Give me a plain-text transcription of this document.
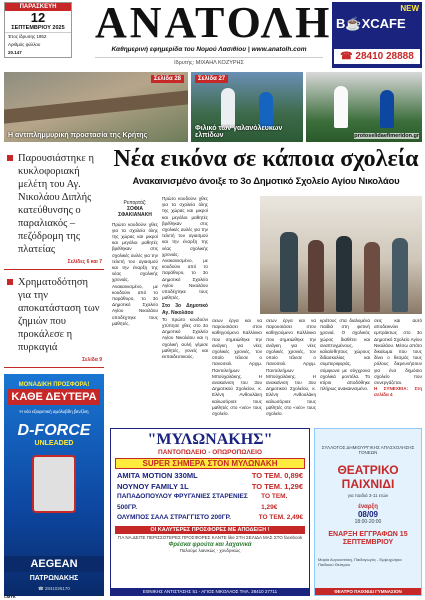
ΠΑΡΑΣΚΕΥΗ
12
ΣΕΠΤΕΜΒΡΙΟΥ 2025
Έτος ίδρυσης 1952
Αριθμός φύλλου
20.147
ΑΝΑΤΟΛΗ
Καθημερινή εφημερίδα του Νομού Λασιθίου | www.anatolh.com
Ιδρυτής: ΜΙΧΑΗΛ ΚΟΖΥΡΗΣ
NEW
B☕XCAFE
☎ 28410 28888
Σελίδα 28
Η αντιπλημμυρική προστασία της Κρήτης
Σελίδα 27
Φιλικό των γαλανόλευκων ελπίδων	protoselidaefimeridon.gr

Παρουσιάστηκε η κυκλοφοριακή μελέτη του Αγ. Νικολάου Διπλής κατεύθυνσης ο παραλιακός – πεζόδρομη της πλατείας

Σελίδες 6 και 7

Χρηματοδότηση για την αποκατάσταση των ζημιών που προκάλεσε η πυρκαγιά

Σελίδα 9
ΜΟΝΑΔΙΚΗ ΠΡΟΣΦΟΡΑ!
ΚΑΘΕ ΔΕΥΤΕΡΑ
Η νέα εξαιρετική αμόλυβδη βενζίνη
D-FORCE
UNLEADED
AEGEAN
ΠΑΤΡΩΝΑΚΗΣ
☎ 2841026170
Νέα εικόνα σε κάποια σχολεία
Ανακαινισμένο άνοιξε το 3ο Δημοτικό Σχολείο Αγίου Νικολάου
Ρεπορτάζ:
ΣΟΦΙΑ ΣΦΑΚΙΑΝΑΚΗ

Πρώτο κουδούνι χθες για τα σχολεία όλης της χώρας και μικροί και μεγάλοι μαθητές βρέθηκαν στις σχολικές αυλές για την τελετή του αγιασμού και την έναρξη της νέας σχολικής χρονιάς. Ανακαινισμένο, με κουδούνι από το παράθυρο, το 3ο Δημοτικό Σχολείο Αγίου Νικολάου υποδέχτηκε τους μαθητές.

Πρώτο κουδούνι χθες για τα σχολεία όλης της χώρας και μικροί και μεγάλοι μαθητές βρέθηκαν στις σχολικές αυλές για την τελετή του αγιασμού και την έναρξη της νέας σχολικής χρονιάς. Ανακαινισμένο, με κουδούνι από το παράθυρο, το 3ο Δημοτικό Σχολείο Αγίου Νικολάου υποδέχτηκε τους μαθητές.

Στο 3ο Δημοτικό Αγ. Νικολάου

Το πρώτο κουδούνι χτύπησε χθες στο 3ο Δημοτικό Σχολείο Αγίου Νικολάου και η σχολική αυλή γέμισε μαθητές, γονείς και εκπαιδευτικούς.

σεων έργα και να παρουσιάσει στον καθηγούμενο Καλλίνικο που σημειώθηκε την ανάγκη για νέες σχολικές χρονιές, τον οποίο τέλεσε ο πανοσιολ. Αρχιμ. Παντελεήμων Μπούχαλάκης. Η ανακαίνιση του 3ου Δημοτικού Σχολείου, κ. Ελένη Ανθουλάκη καλωσόρισε τους μαθητές στο «νέο» τους σχολείο.

σεων έργα και να παρουσιάσει στον καθηγούμενο Καλλίνικο που σημειώθηκε την ανάγκη για νέες σχολικές χρονιές, τον οποίο τέλεσε ο πανοσιολ. Αρχιμ. Παντελεήμων Μπούχαλάκης. Η ανακαίνιση του 3ου Δημοτικού Σχολείου, κ. Ελένη Ανθουλάκη καλωσόρισε τους μαθητές στο «νέο» τους σχολείο.

κράτους στα διαλυμένα παιδιά στη φετινή χρονιά. Ο σχολικός χώρος διαθέτει και αναπτυγμένους, καλαίσθητους χώρους διδασκαλίας και συμπεριφοράς, σύμφωνα με σύγχρονα σχολικά μοντέλα. Το κτίριο αποδόθηκε πλήρως ανακαινισμένο.

σεις και αυτό αποδεικνύει εμπράκτως στο 3ο Δημοτικό Σχολείο Αγίου Νικολάου. Μέσω απότο δικαίωμα που τους δίνει ο θεσμός τους ρόλους διερευνήσουν για ένα δημόσιο σχολείο που συνεργάζεται.

Η ΣΥΝΕΧΕΙΑ: Στη σελίδα 4

"ΜΥΛΩΝΑΚΗΣ"
ΠΑΝΤΟΠΩΛΕΙΟ - ΟΠΩΡΟΠΩΛΕΙΟ
SUPER ΣΗΜΕΡΑ ΣΤΟΝ ΜΥΛΩΝΑΚΗ
ΑΜΙΤΑ ΜΟΤΙΟΝ 330ML	ΤΟ ΤΕΜ. 0,89€
ΝΟΥΝΟΥ FAMILY 1L	ΤΟ ΤΕΜ. 1,29€
ΠΑΠΑΔΟΠΟΥΛΟΥ ΦΡΥΓΑΝΙΕΣ ΣΤΑΡΕΝΙΕΣ 500ΓΡ.
ΤΟ ΤΕΜ. 1,29€
ΟΛΥΜΠΟΣ ΣΑΛΑ ΣΤΡΑΓΓΙΣΤΟ 200ΓΡ.	ΤΟ ΤΕΜ. 2,49€
ΟΙ ΚΑΛΥΤΕΡΕΣ ΠΡΟΣΦΟΡΕΣ ΜΕ ΑΠΟΔΕΙΞΗ !
ΓΙΑ ΝΑ ΔΕΙΤΕ ΠΕΡΙΣΣΟΤΕΡΕΣ ΠΡΟΣΦΟΡΕΣ ΚΑΝΤΕ like ΣΤΗ ΣΕΛΙΔΑ ΜΑΣ ΣΤΟ facebook
Φρέσκα φρούτα και λαχανικά
Παλούμε λιανικώς - χονδρικώς
ΕΘΝΙΚΗΣ ΑΝΤΙΣΤΑΣΗΣ 51 - ΑΓΙΟΣ ΝΙΚΟΛΑΟΣ ΤΗΛ. 28410 27711
ΣΥΛΛΟΓΟΣ ΔΗΜΙΟΥΡΓΙΚΗΣ ΑΠΑΣΧΟΛΗΣΗΣ ΓΟΝΕΩΝ
ΘΕΑΤΡΙΚΟ ΠΑΙΧΝΙΔΙ
για παιδιά 3-11 ετών
έναρξη
08/09
18:00-20:00
ΕΝΑΡΞΗ ΕΓΓΡΑΦΩΝ 15 ΣΕΠΤΕΜΒΡΙΟΥ
Μαρία Αυγουστάκη, Παιδαγωγός - Εμψυχώτρια Παιδικού Θεάτρου
ΘΕΑΤΡΟ ΠΑΙΧΝΙΔΙ ΓΥΜΝΑΣΙΟΝ
CMYK
